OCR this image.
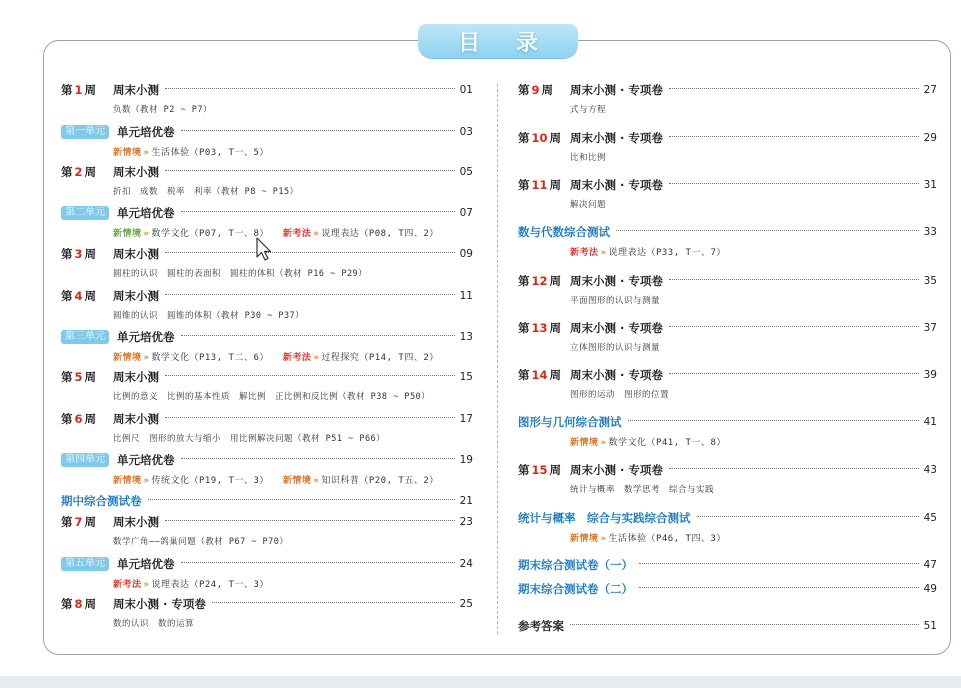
目 录
第 1 周	周末小测	01
负数（教材 P2 ~ P7）
第一单元	单元培优卷	03
新情境 » 生活体验（P03, T一、5）
第 2 周	周末小测	05
折扣　成数　税率　利率（教材 P8 ~ P15）
第二单元	单元培优卷	07
新情境 » 数学文化（P07, T一、8） 新考法 » 说理表达（P08, T四、2）
第 3 周	周末小测	09
圆柱的认识　圆柱的表面积　圆柱的体积（教材 P16 ~ P29）
第 4 周	周末小测	11
圆锥的认识　圆锥的体积（教材 P30 ~ P37）
第三单元	单元培优卷	13
新情境 » 数学文化（P13, T二、6） 新考法 » 过程探究（P14, T四、2）
第 5 周	周末小测	15
比例的意义　比例的基本性质　解比例　正比例和反比例（教材 P38 ~ P50）
第 6 周	周末小测	17
比例尺　图形的放大与缩小　用比例解决问题（教材 P51 ~ P66）
第四单元	单元培优卷	19
新情境 » 传统文化（P19, T一、3） 新情境 » 知识科普（P20, T五、2）
期中综合测试卷	21
第 7 周	周末小测	23
数学广角——鸽巢问题（教材 P67 ~ P70）
第五单元	单元培优卷	24
新考法 » 说理表达（P24, T一、3）
第 8 周	周末小测 · 专项卷	25
数的认识　数的运算
第 9 周	周末小测 · 专项卷	27
式与方程
第 10 周 周末小测 · 专项卷	29
比和比例
第 11 周 周末小测 · 专项卷	31
解决问题
数与代数综合测试	33
新考法 » 说理表达（P33, T一、7）
第 12 周 周末小测 · 专项卷	35
平面图形的认识与测量
第 13 周 周末小测 · 专项卷	37
立体图形的认识与测量
第 14 周 周末小测 · 专项卷	39
图形的运动　图形的位置
图形与几何综合测试	41
新情境 » 数学文化（P41, T一、8）
第 15 周 周末小测 · 专项卷	43
统计与概率　数学思考　综合与实践
统计与概率　综合与实践综合测试	45
新情境 » 生活体验（P46, T四、3）
期末综合测试卷（一）	47
期末综合测试卷（二）	49
参考答案	51
